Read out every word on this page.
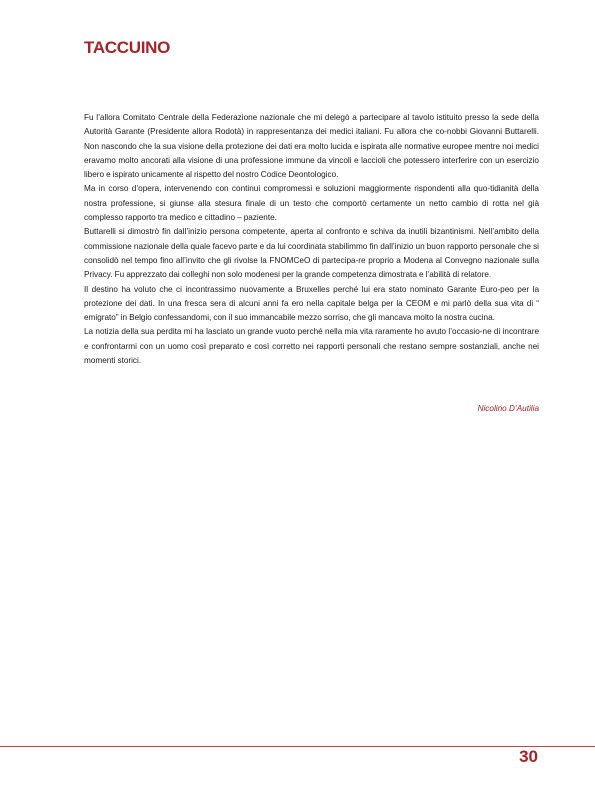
TACCUINO

Fu l’allora Comitato Centrale della Federazione nazionale che mi delegò a partecipare al tavolo istituito presso la sede della Autorità Garante (Presidente allora Rodotà) in rappresentanza dei medici italiani. Fu allora che co-nobbi Giovanni Buttarelli. Non nascondo che la sua visione della protezione dei dati era molto lucida e ispirata alle normative europee mentre noi medici eravamo molto ancorati alla visione di una professione immune da vincoli e laccioli che potessero interferire con un esercizio libero e ispirato unicamente al rispetto del nostro Codice Deontologico.

Ma in corso d’opera, intervenendo con continui compromessi e soluzioni maggiormente rispondenti alla quo-tidianità della nostra professione, si giunse alla stesura finale di un testo che comportò certamente un netto cambio di rotta nel già complesso rapporto tra medico e cittadino – paziente.

Buttarelli si dimostrò fin dall’inizio persona competente, aperta al confronto e schiva da inutili bizantinismi. Nell’ambito della commissione nazionale della quale facevo parte e da lui coordinata stabilimmo fin dall’inizio un buon rapporto personale che si consolidò nel tempo fino all’invito che gli rivolse la FNOMCeO di partecipa-re proprio a Modena al Convegno nazionale sulla Privacy. Fu apprezzato dai colleghi non solo modenesi per la grande competenza dimostrata e l’abilità di relatore.

Il destino ha voluto che ci incontrassimo nuovamente a Bruxelles perché lui era stato nominato Garante Euro-peo per la protezione dei dati. In una fresca sera di alcuni anni fa ero nella capitale belga per la CEOM e mi parlò della sua vita di “ emigrato” in Belgio confessandomi, con il suo immancabile mezzo sorriso, che gli mancava molto la nostra cucina.

La notizia della sua perdita mi ha lasciato un grande vuoto perché nella mia vita raramente ho avuto l’occasio-ne di incontrare e confrontarmi con un uomo così preparato e così corretto nei rapporti personali che restano sempre sostanziali, anche nei momenti storici.

Nicolino D’Autilia
30
